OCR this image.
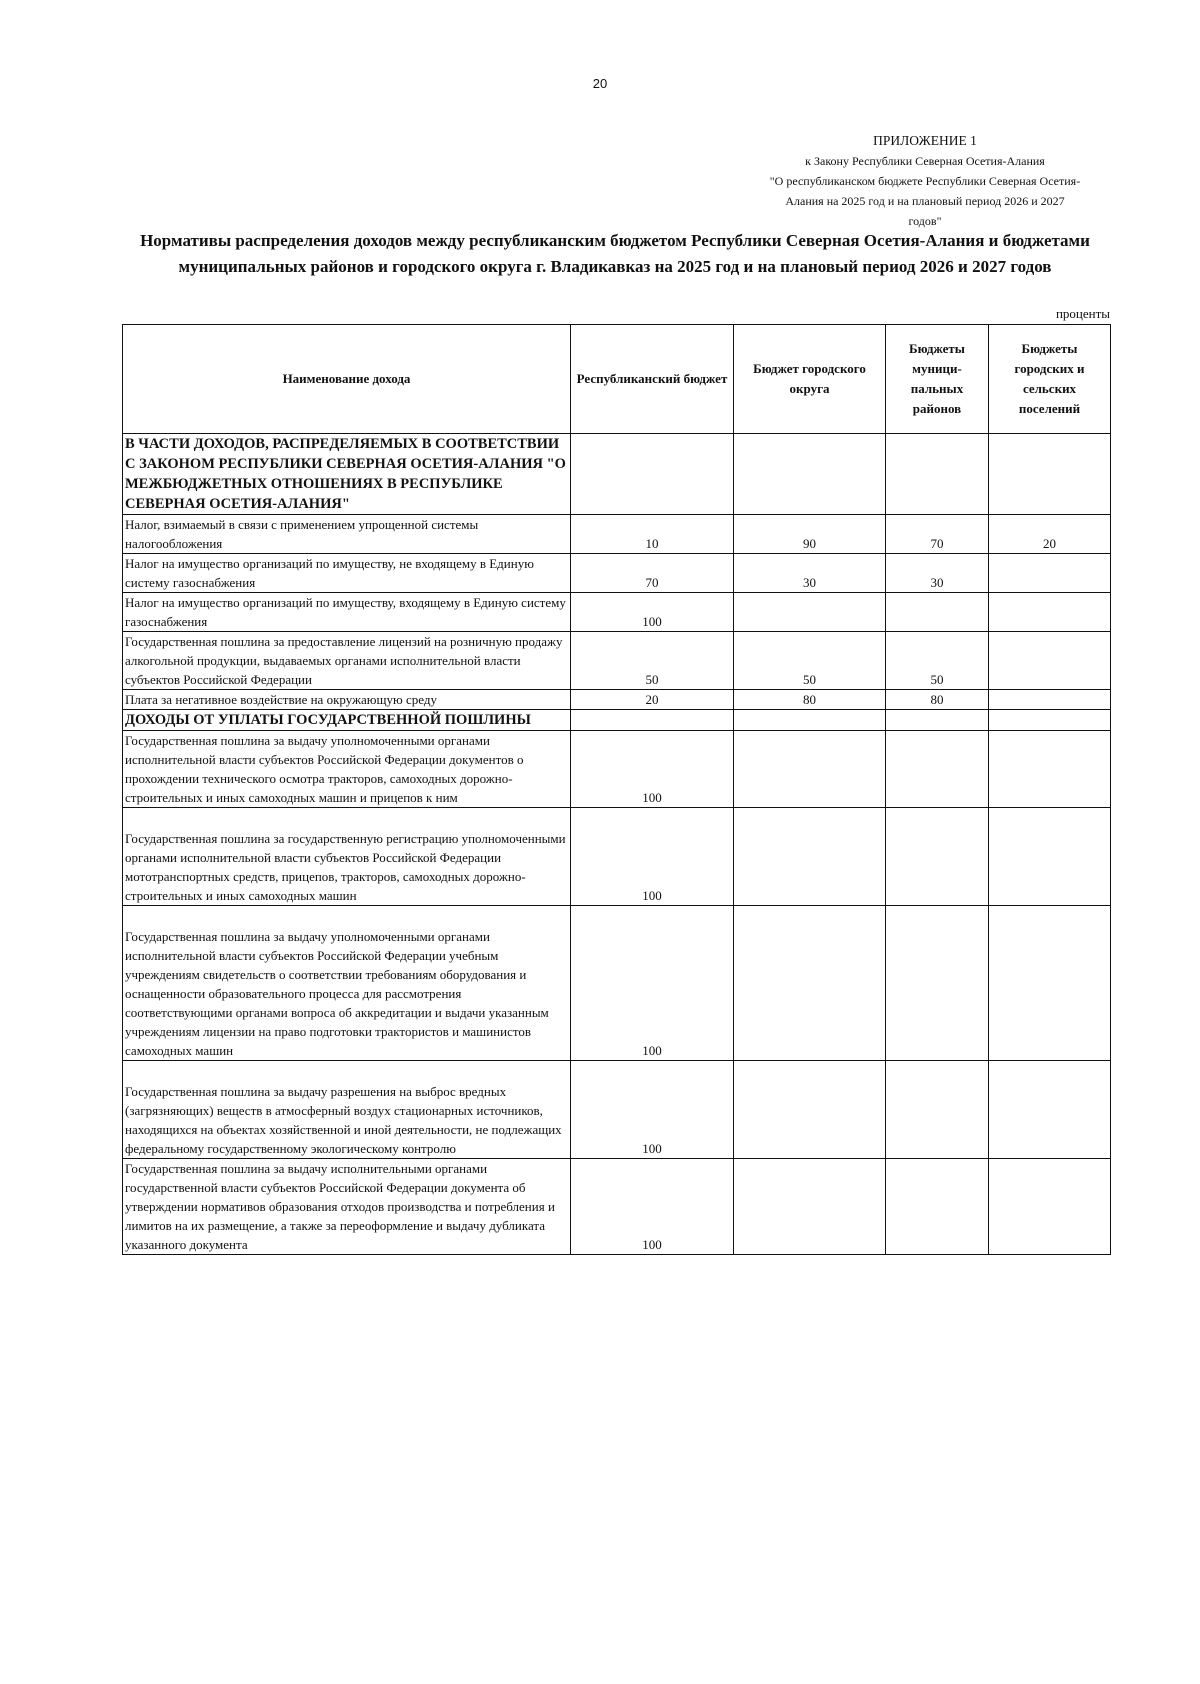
20
ПРИЛОЖЕНИЕ 1
к Закону Республики Северная Осетия-Алания
"О республиканском бюджете Республики Северная Осетия-
Алания на 2025 год и на плановый период 2026 и 2027
годов"
Нормативы распределения доходов между республиканским бюджетом Республики Северная Осетия-Алания и бюджетами муниципальных районов и городского округа г. Владикавказ на 2025 год и на плановый период 2026 и 2027 годов
проценты
Наименование дохода	Республиканский бюджет	Бюджет городского округа	Бюджеты муници-пальных районов	Бюджеты городских и сельских поселений
В ЧАСТИ ДОХОДОВ, РАСПРЕДЕЛЯЕМЫХ В СООТВЕТСТВИИ С ЗАКОНОМ РЕСПУБЛИКИ СЕВЕРНАЯ ОСЕТИЯ-АЛАНИЯ "О МЕЖБЮДЖЕТНЫХ ОТНОШЕНИЯХ В РЕСПУБЛИКЕ СЕВЕРНАЯ ОСЕТИЯ-АЛАНИЯ"				
Налог, взимаемый в связи с применением упрощенной системы налогообложения	10	90	70	20
Налог на имущество организаций по имуществу, не входящему в Единую систему газоснабжения	70	30	30	
Налог на имущество организаций по имуществу, входящему в Единую систему газоснабжения	100			
Государственная пошлина за предоставление лицензий на розничную продажу алкогольной продукции, выдаваемых органами исполнительной власти субъектов Российской Федерации	50	50	50	
Плата за негативное воздействие на окружающую среду	20	80	80	
ДОХОДЫ ОТ УПЛАТЫ ГОСУДАРСТВЕННОЙ ПОШЛИНЫ				
Государственная пошлина за выдачу уполномоченными органами исполнительной власти субъектов Российской Федерации документов о прохождении технического осмотра тракторов, самоходных дорожно- строительных и иных самоходных машин и прицепов к ним	100			
Государственная пошлина за государственную регистрацию уполномоченными органами исполнительной власти субъектов Российской Федерации мототранспортных средств, прицепов, тракторов, самоходных дорожно-строительных и иных самоходных машин	100			
Государственная пошлина за выдачу уполномоченными органами исполнительной власти субъектов Российской Федерации учебным учреждениям свидетельств о соответствии требованиям оборудования и оснащенности образовательного процесса для рассмотрения соответствующими органами вопроса об аккредитации и выдачи указанным учреждениям лицензии на право подготовки трактористов и машинистов самоходных машин	100			
Государственная пошлина за выдачу разрешения на выброс вредных (загрязняющих) веществ в атмосферный воздух стационарных источников, находящихся на объектах хозяйственной и иной деятельности, не подлежащих федеральному государственному экологическому контролю	100			
Государственная пошлина за выдачу исполнительными органами государственной власти субъектов Российской Федерации документа об утверждении нормативов образования отходов производства и потребления и лимитов на их размещение, а также за переоформление и выдачу дубликата указанного документа	100			
